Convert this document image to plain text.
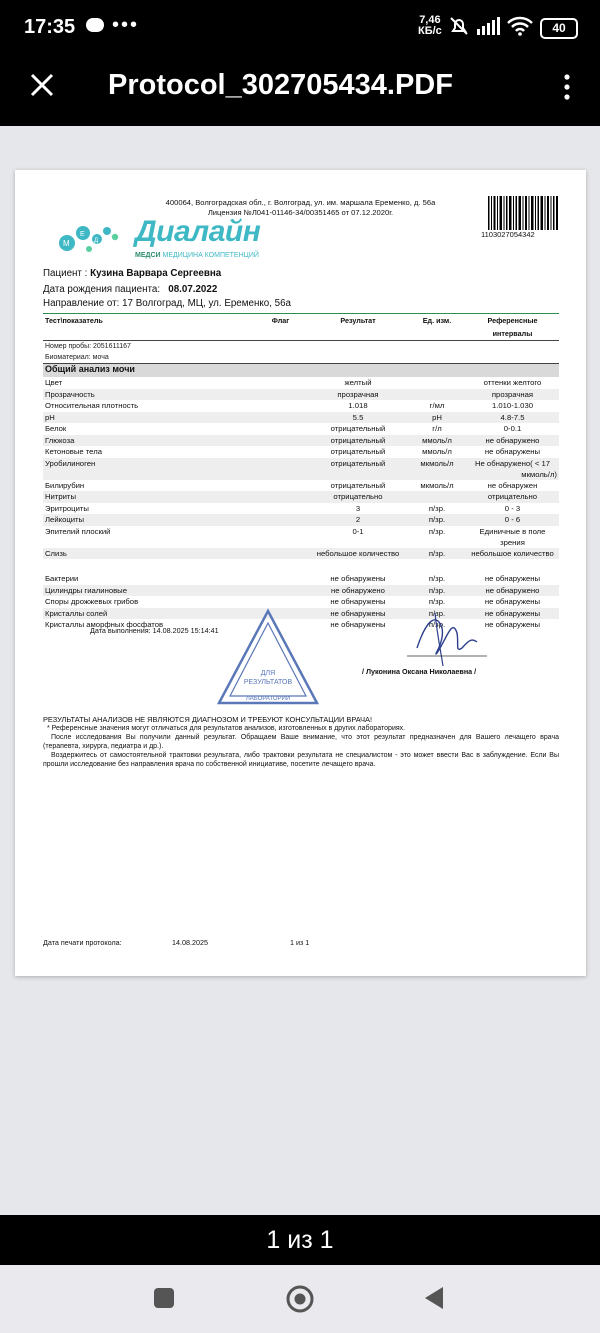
17:35 •••	7,46
КБ/с	40
Protocol_302705434.PDF
400064, Волгоградская обл., г. Волгоград, ул. им. маршала Еременко, д. 56а
Лицензия №Л041-01146-34/00351465 от 07.12.2020г.
М
Е
Д Диалайн
МЕДСИ МЕДИЦИНА КОМПЕТЕНЦИЙ
1103027054342
Пациент : Кузина Варвара Сергеевна
Дата рождения пациента: 08.07.2022
Направление от: 17 Волгоград, МЦ, ул. Еременко, 56а
Тест\показатель	Флаг	Результат	Ед. изм.	Референсные интервалы
Номер пробы: 2051611167				
Биоматериал: моча				
Общий анализ мочи				
Цвет		желтый		оттенки желтого
Прозрачность		прозрачная		прозрачная
Относительная плотность		1.018	г/мл	1.010-1.030
pH		5.5	pH	4.8-7.5
Белок		отрицательный	г/л	0-0.1
Глюкоза		отрицательный	ммоль/л	не обнаружено
Кетоновые тела		отрицательный	ммоль/л	не обнаружены
Уробилиноген		отрицательный	мкмоль/л	Не обнаружено( < 17
мкмоль/л)

Билирубин		отрицательный	мкмоль/л	не обнаружен
Нитриты		отрицательно		отрицательно
Эритроциты		3	п/зр.	0 - 3
Лейкоциты		2	п/зр.	0 - 6
Эпителий плоский		0-1	п/зр.	Единичные в поле зрения
Слизь		небольшое количество	п/зр.	небольшое количество

Бактерии		не обнаружены	п/зр.	не обнаружены
Цилиндры гиалиновые		не обнаружено	п/зр.	не обнаружено
Споры дрожжевых грибов		не обнаружены	п/зр.	не обнаружены
Кристаллы солей		не обнаружены	п/зр.	не обнаружены
Кристаллы аморфных фосфатов		не обнаружены	п/зр.	не обнаружены
Дата выполнения: 14.08.2025 15:14:41
ДЛЯ
РЕЗУЛЬТАТОВ
ЛАБОРАТОРИИ
/ Луконина Оксана Николаевна /

РЕЗУЛЬТАТЫ АНАЛИЗОВ НЕ ЯВЛЯЮТСЯ ДИАГНОЗОМ И ТРЕБУЮТ КОНСУЛЬТАЦИИ ВРАЧА!

* Референсные значения могут отличаться для результатов анализов, изготовленных в других лабораториях.

После исследования Вы получили данный результат. Обращаем Ваше внимание, что этот результат предназначен для Вашего лечащего врача (терапевта, хирурга, педиатра и др.).

Воздержитесь от самостоятельной трактовки результата, либо трактовки результата не специалистом - это может ввести Вас в заблуждение. Если Вы прошли исследование без направления врача по собственной инициативе, посетите лечащего врача.

Дата печати протокола:	14.08.2025	1 из 1
1 из 1
